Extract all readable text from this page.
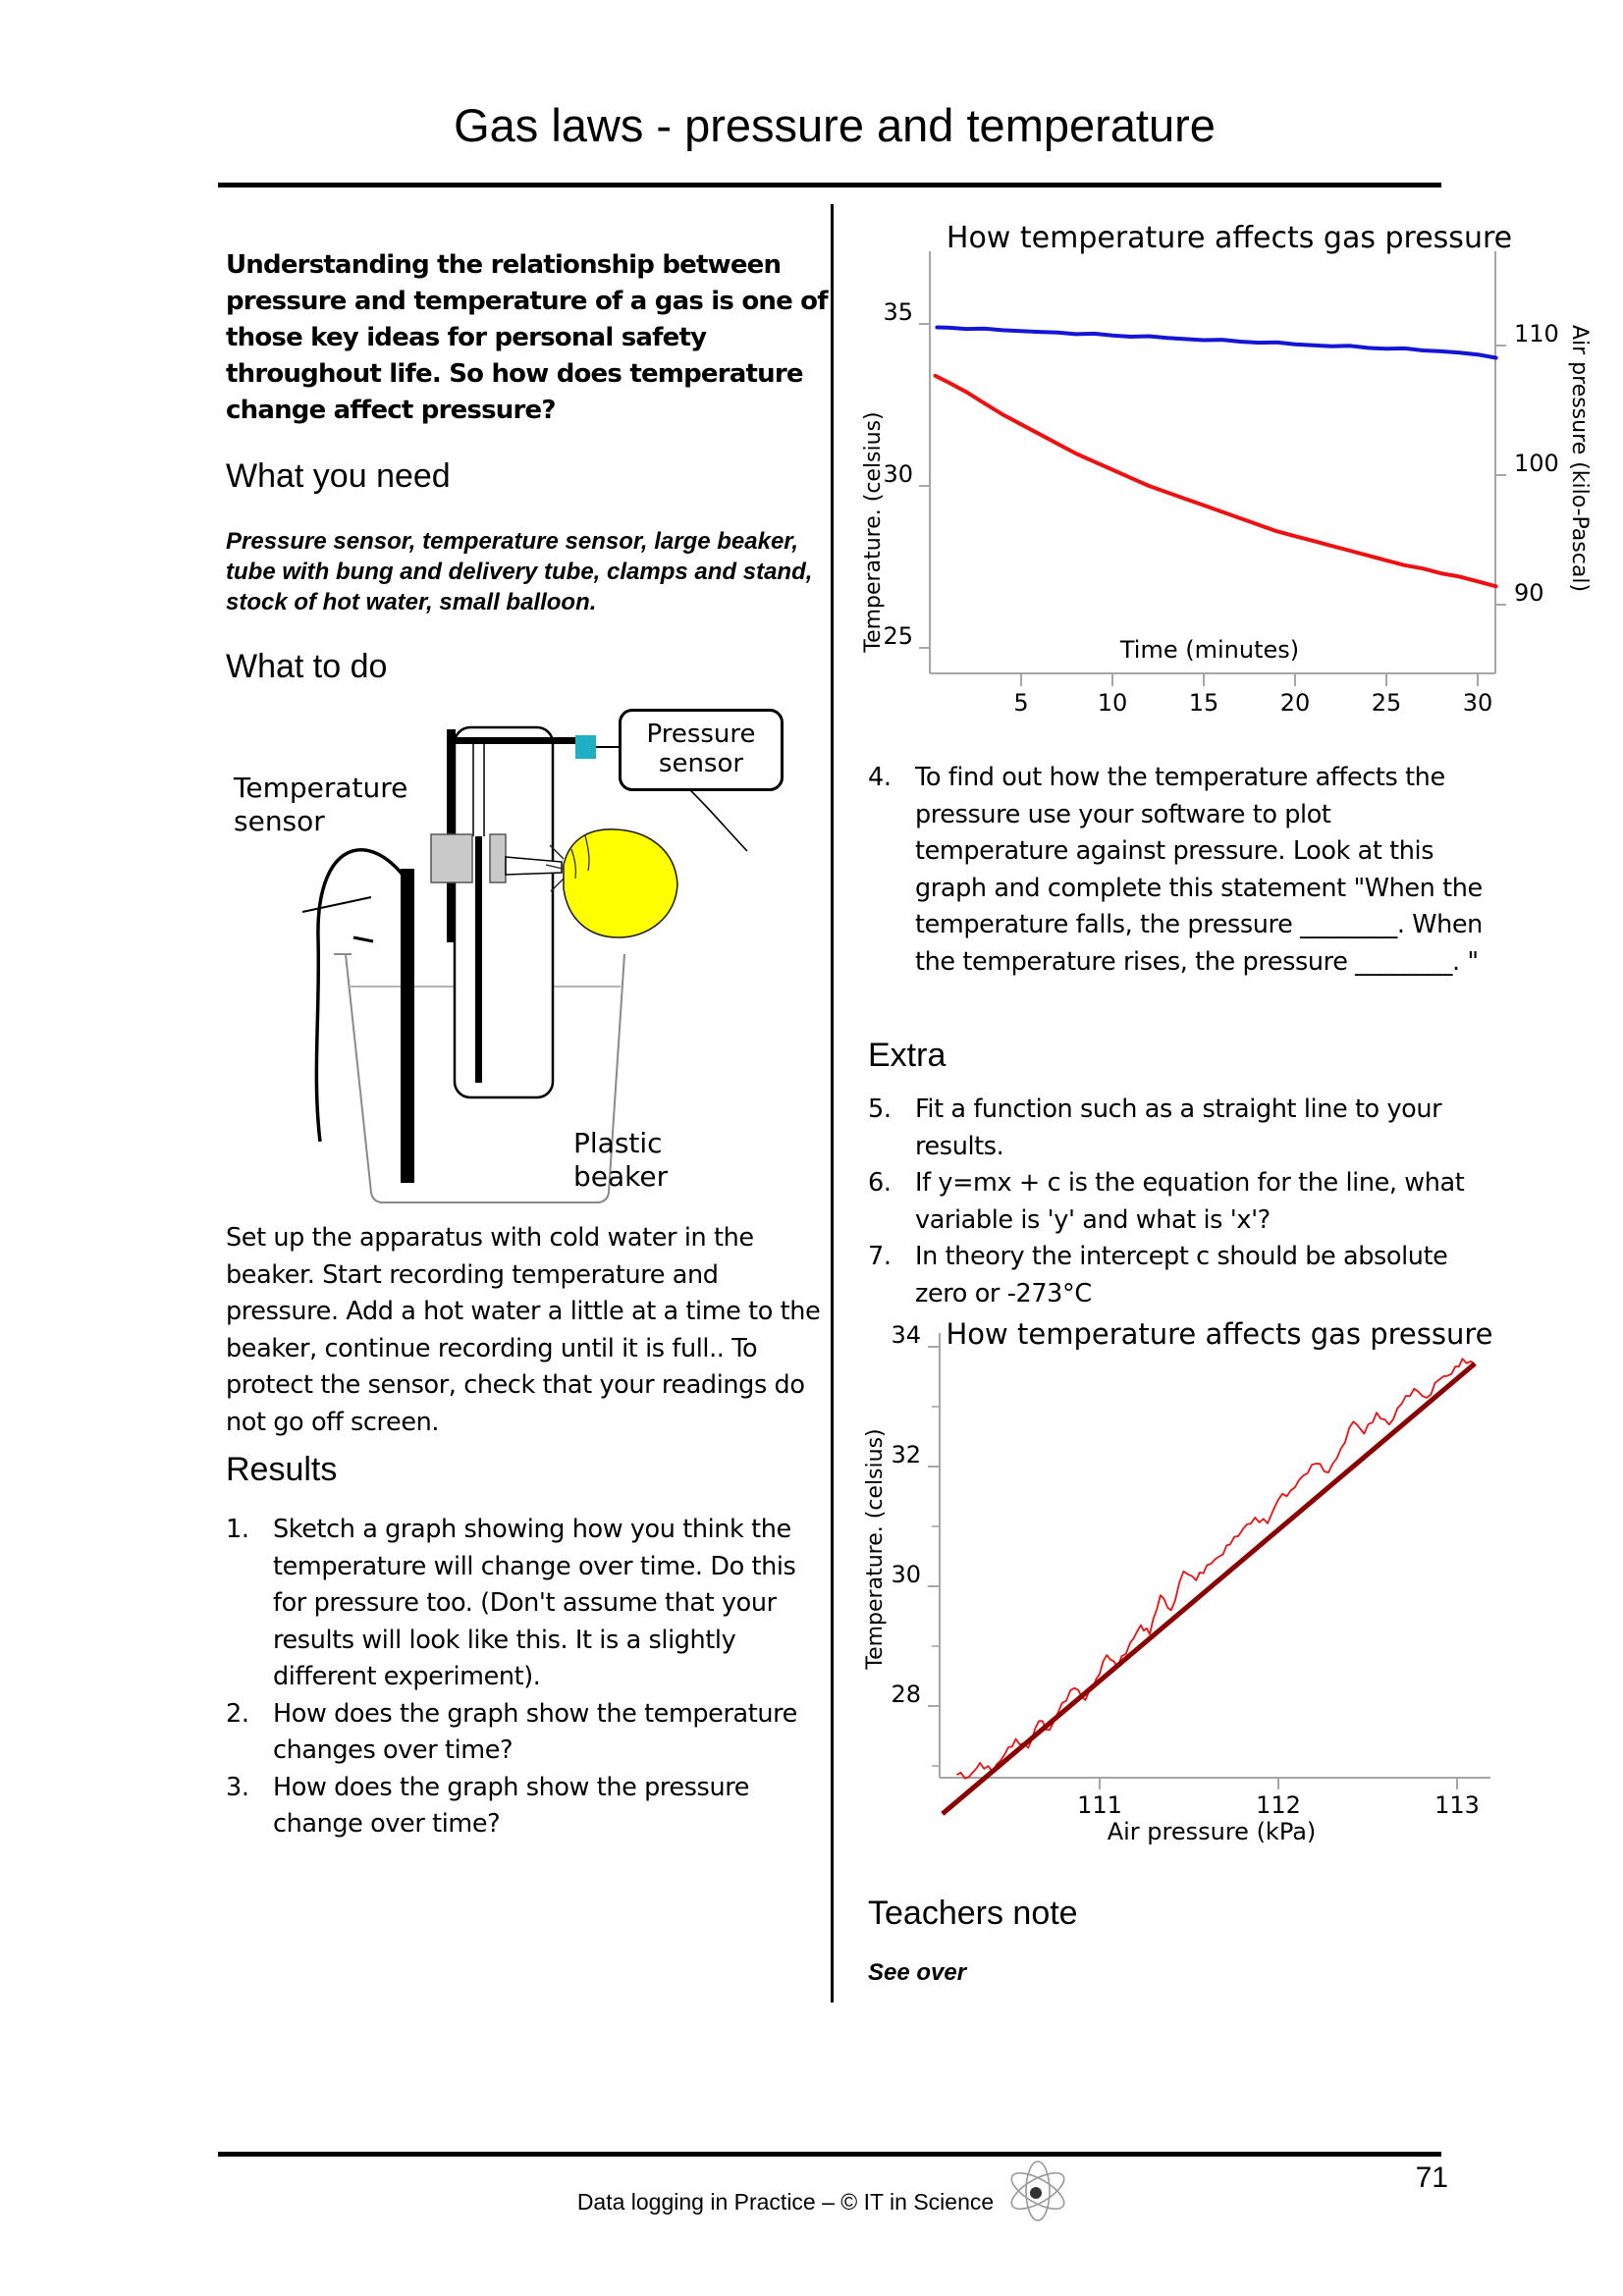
Gas laws - pressure and temperature
Understanding the relationship between pressure and temperature of a gas is one of those key ideas for personal safety throughout life. So how does temperature change affect pressure?
What you need
Pressure sensor, temperature sensor, large beaker, tube with bung and delivery tube, clamps and stand, stock of hot water, small balloon.
What to do
Pressure sensor
Temperature sensor
Plastic beaker
Set up the apparatus with cold water in the beaker. Start recording temperature and pressure. Add a hot water a little at a time to the beaker, continue recording until it is full.. To protect the sensor, check that your readings do not go off screen.
Results
1. Sketch a graph showing how you think the temperature will change over time. Do this for pressure too. (Don't assume that your results will look like this. It is a slightly different experiment).
2. How does the graph show the temperature changes over time?
3. How does the graph show the pressure change over time?
How temperature affects gas pressure
35
30
25
110
100
90
5	10	15	20	25	30
Time (minutes)
Temperature. (celsius)	Air pressure (kilo-Pascal)
4. To find out how the temperature affects the pressure use your software to plot temperature against pressure. Look at this graph and complete this statement "When the temperature falls, the pressure ________. When the temperature rises, the pressure ________. "
Extra
5. Fit a function such as a straight line to your results.
6. If y=mx + c is the equation for the line, what variable is 'y' and what is 'x'?
7. In theory the intercept c should be absolute zero or -273°C
How temperature affects gas pressure
28
30
32
34
111	112	113
Air pressure (kPa)
Temperature. (celsius)
Teachers note
See over
Data logging in Practice – © IT in Science
71
